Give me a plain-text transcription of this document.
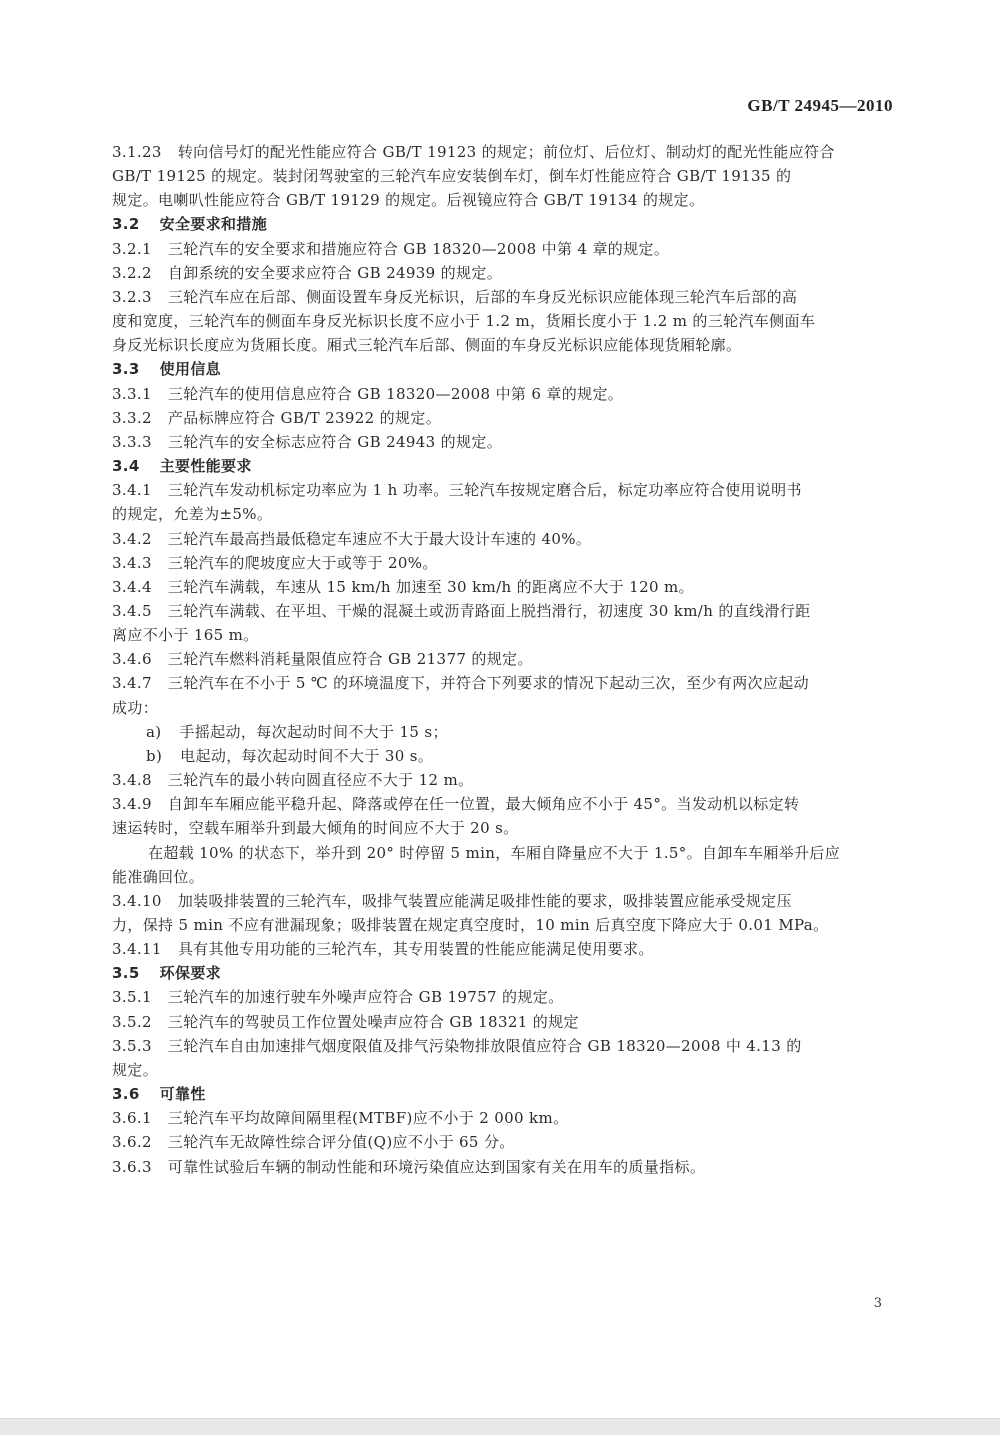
GB/T 24945—2010

3.1.23 转向信号灯的配光性能应符合 GB/T 19123 的规定；前位灯、后位灯、制动灯的配光性能应符合

GB/T 19125 的规定。装封闭驾驶室的三轮汽车应安装倒车灯，倒车灯性能应符合 GB/T 19135 的

规定。电喇叭性能应符合 GB/T 19129 的规定。后视镜应符合 GB/T 19134 的规定。

3.2 安全要求和措施

3.2.1 三轮汽车的安全要求和措施应符合 GB 18320—2008 中第 4 章的规定。

3.2.2 自卸系统的安全要求应符合 GB 24939 的规定。

3.2.3 三轮汽车应在后部、侧面设置车身反光标识，后部的车身反光标识应能体现三轮汽车后部的高

度和宽度，三轮汽车的侧面车身反光标识长度不应小于 1.2 m，货厢长度小于 1.2 m 的三轮汽车侧面车

身反光标识长度应为货厢长度。厢式三轮汽车后部、侧面的车身反光标识应能体现货厢轮廓。

3.3 使用信息

3.3.1 三轮汽车的使用信息应符合 GB 18320—2008 中第 6 章的规定。

3.3.2 产品标牌应符合 GB/T 23922 的规定。

3.3.3 三轮汽车的安全标志应符合 GB 24943 的规定。

3.4 主要性能要求

3.4.1 三轮汽车发动机标定功率应为 1 h 功率。三轮汽车按规定磨合后，标定功率应符合使用说明书

的规定，允差为±5%。

3.4.2 三轮汽车最高挡最低稳定车速应不大于最大设计车速的 40%。

3.4.3 三轮汽车的爬坡度应大于或等于 20%。

3.4.4 三轮汽车满载，车速从 15 km/h 加速至 30 km/h 的距离应不大于 120 m。

3.4.5 三轮汽车满载、在平坦、干燥的混凝土或沥青路面上脱挡滑行，初速度 30 km/h 的直线滑行距

离应不小于 165 m。

3.4.6 三轮汽车燃料消耗量限值应符合 GB 21377 的规定。

3.4.7 三轮汽车在不小于 5 ℃ 的环境温度下，并符合下列要求的情况下起动三次，至少有两次应起动

成功：

a) 手摇起动，每次起动时间不大于 15 s；

b) 电起动，每次起动时间不大于 30 s。

3.4.8 三轮汽车的最小转向圆直径应不大于 12 m。

3.4.9 自卸车车厢应能平稳升起、降落或停在任一位置，最大倾角应不小于 45°。当发动机以标定转

速运转时，空载车厢举升到最大倾角的时间应不大于 20 s。

在超载 10% 的状态下，举升到 20° 时停留 5 min，车厢自降量应不大于 1.5°。自卸车车厢举升后应

能准确回位。

3.4.10 加装吸排装置的三轮汽车，吸排气装置应能满足吸排性能的要求，吸排装置应能承受规定压

力，保持 5 min 不应有泄漏现象；吸排装置在规定真空度时，10 min 后真空度下降应大于 0.01 MPa。

3.4.11 具有其他专用功能的三轮汽车，其专用装置的性能应能满足使用要求。

3.5 环保要求

3.5.1 三轮汽车的加速行驶车外噪声应符合 GB 19757 的规定。

3.5.2 三轮汽车的驾驶员工作位置处噪声应符合 GB 18321 的规定

3.5.3 三轮汽车自由加速排气烟度限值及排气污染物排放限值应符合 GB 18320—2008 中 4.13 的

规定。

3.6 可靠性

3.6.1 三轮汽车平均故障间隔里程(MTBF)应不小于 2 000 km。

3.6.2 三轮汽车无故障性综合评分值(Q)应不小于 65 分。

3.6.3 可靠性试验后车辆的制动性能和环境污染值应达到国家有关在用车的质量指标。

3
